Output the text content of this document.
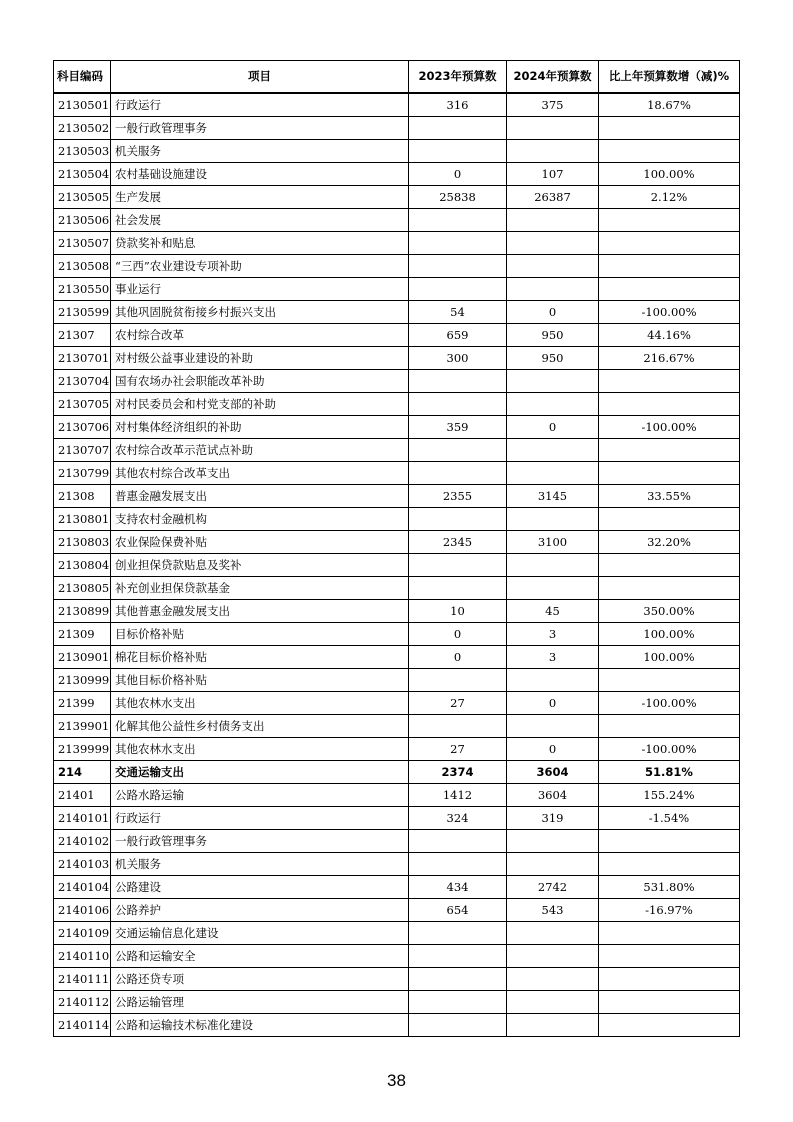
科目编码	项目	2023年预算数	2024年预算数	比上年预算数增（减)%
2130501	行政运行	316	375	18.67%
2130502	一般行政管理事务			
2130503	机关服务			
2130504	农村基础设施建设	0	107	100.00%
2130505	生产发展	25838	26387	2.12%
2130506	社会发展			
2130507	贷款奖补和贴息			
2130508	“三西”农业建设专项补助			
2130550	事业运行			
2130599	其他巩固脱贫衔接乡村振兴支出	54	0	-100.00%
21307	农村综合改革	659	950	44.16%
2130701	对村级公益事业建设的补助	300	950	216.67%
2130704	国有农场办社会职能改革补助			
2130705	对村民委员会和村党支部的补助			
2130706	对村集体经济组织的补助	359	0	-100.00%
2130707	农村综合改革示范试点补助			
2130799	其他农村综合改革支出			
21308	普惠金融发展支出	2355	3145	33.55%
2130801	支持农村金融机构			
2130803	农业保险保费补贴	2345	3100	32.20%
2130804	创业担保贷款贴息及奖补			
2130805	补充创业担保贷款基金			
2130899	其他普惠金融发展支出	10	45	350.00%
21309	目标价格补贴	0	3	100.00%
2130901	棉花目标价格补贴	0	3	100.00%
2130999	其他目标价格补贴			
21399	其他农林水支出	27	0	-100.00%
2139901	化解其他公益性乡村债务支出			
2139999	其他农林水支出	27	0	-100.00%
214	交通运输支出	2374	3604	51.81%
21401	公路水路运输	1412	3604	155.24%
2140101	行政运行	324	319	-1.54%
2140102	一般行政管理事务			
2140103	机关服务			
2140104	公路建设	434	2742	531.80%
2140106	公路养护	654	543	-16.97%
2140109	交通运输信息化建设			
2140110	公路和运输安全			
2140111	公路还贷专项			
2140112	公路运输管理			
2140114	公路和运输技术标准化建设			
38
